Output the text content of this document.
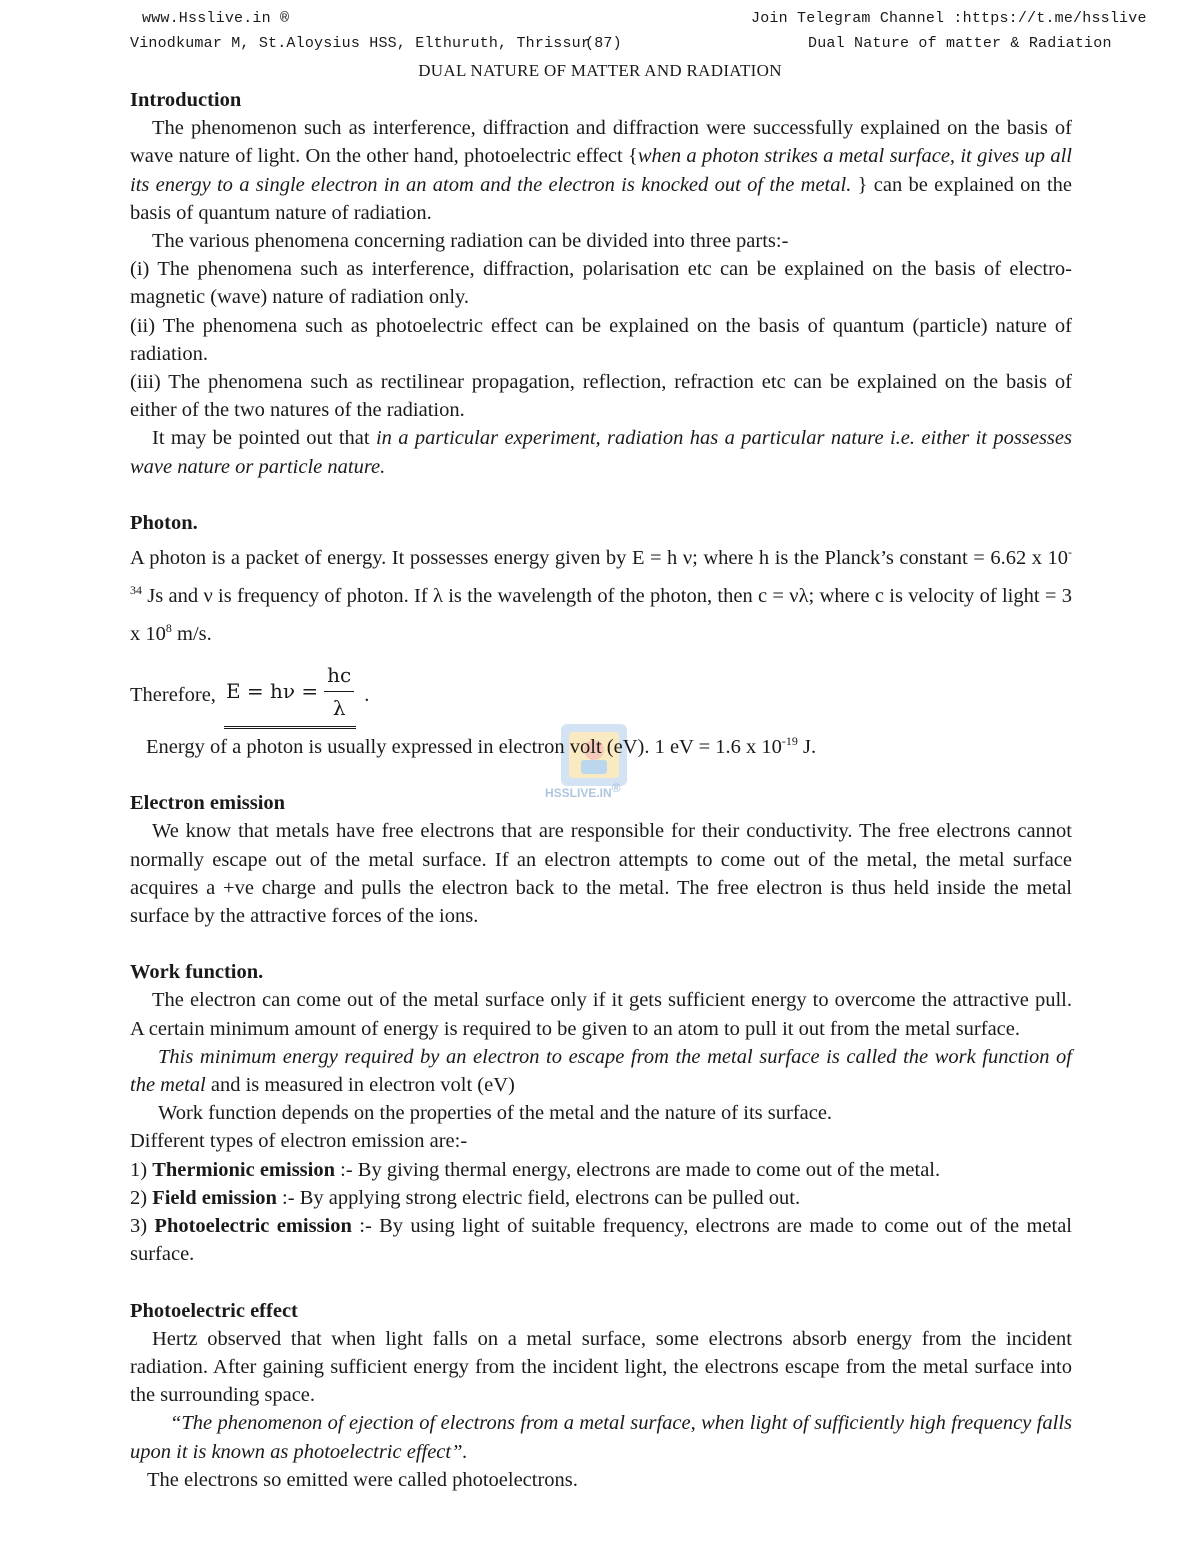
www.Hsslive.in ®	Join Telegram Channel :https://t.me/hsslive
Vinodkumar M, St.Aloysius HSS, Elthuruth, Thrissur
(87)	Dual Nature of matter & Radiation
DUAL NATURE OF MATTER AND RADIATION
HSSLIVE.IN®
Introduction

The phenomenon such as interference, diffraction and diffraction were successfully explained on the basis of wave nature of light. On the other hand, photoelectric effect {when a photon strikes a metal surface, it gives up all its energy to a single electron in an atom and the electron is knocked out of the metal. } can be explained on the basis of quantum nature of radiation.

The various phenomena concerning radiation can be divided into three parts:-

(i) The phenomena such as interference, diffraction, polarisation etc can be explained on the basis of electro-magnetic (wave) nature of radiation only.

(ii) The phenomena such as photoelectric effect can be explained on the basis of quantum (particle) nature of radiation.

(iii) The phenomena such as rectilinear propagation, reflection, refraction etc can be explained on the basis of either of the two natures of the radiation.

It may be pointed out that in a particular experiment, radiation has a particular nature i.e. either it possesses wave nature or particle nature.

Photon.

A photon is a packet of energy. It possesses energy given by E = h ν; where h is the Planck’s constant = 6.62 x $10^{-34}$ Js and ν is frequency of photon. If λ is the wavelength of the photon, then c = νλ; where c is velocity of light = 3 x $10^8$ m/s.

Therefore, $E = h\nu = \frac{hc}{\lambda}$ .

Energy of a photon is usually expressed in electron volt (eV). 1 eV = 1.6 x $10^{-19}$ J.

Electron emission

We know that metals have free electrons that are responsible for their conductivity. The free electrons cannot normally escape out of the metal surface. If an electron attempts to come out of the metal, the metal surface acquires a +ve charge and pulls the electron back to the metal. The free electron is thus held inside the metal surface by the attractive forces of the ions.

Work function.

The electron can come out of the metal surface only if it gets sufficient energy to overcome the attractive pull. A certain minimum amount of energy is required to be given to an atom to pull it out from the metal surface.

This minimum energy required by an electron to escape from the metal surface is called the work function of the metal and is measured in electron volt (eV)

Work function depends on the properties of the metal and the nature of its surface.

Different types of electron emission are:-

1) Thermionic emission :- By giving thermal energy, electrons are made to come out of the metal.

2) Field emission :- By applying strong electric field, electrons can be pulled out.

3) Photoelectric emission :- By using light of suitable frequency, electrons are made to come out of the metal surface.

Photoelectric effect

Hertz observed that when light falls on a metal surface, some electrons absorb energy from the incident radiation. After gaining sufficient energy from the incident light, the electrons escape from the metal surface into the surrounding space.

“The phenomenon of ejection of electrons from a metal surface, when light of sufficiently high frequency falls upon it is known as photoelectric effect”.

The electrons so emitted were called photoelectrons.
